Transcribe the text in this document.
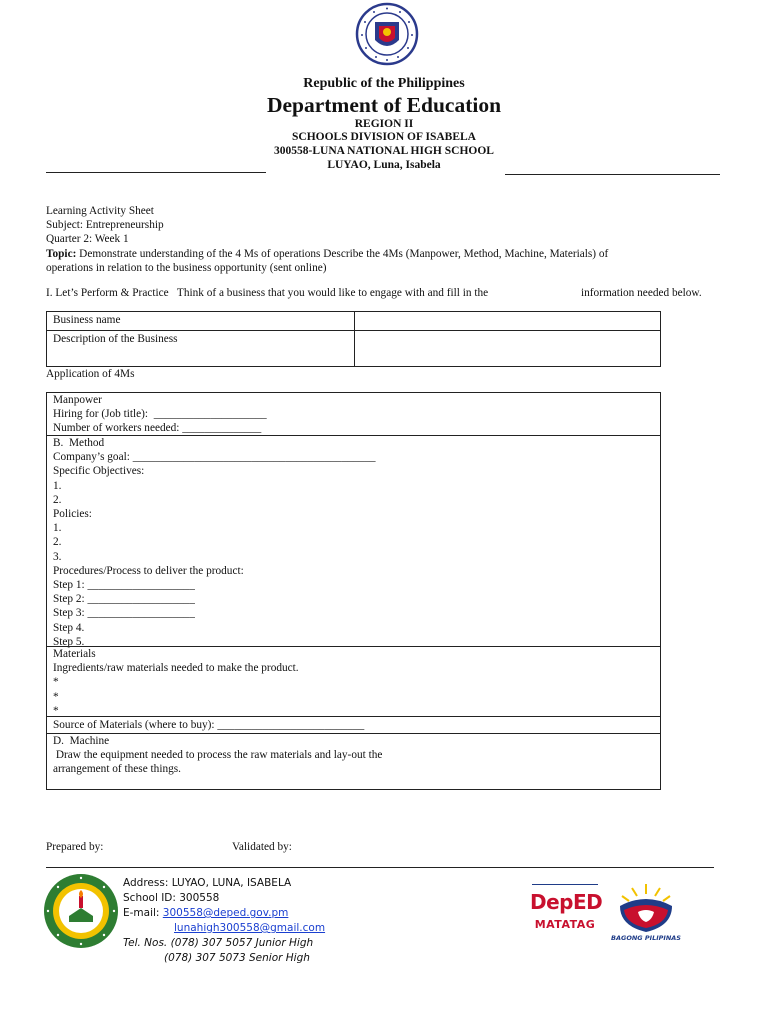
Republic of the Philippines
Department of Education
REGION II
SCHOOLS DIVISION OF ISABELA
300558-LUNA NATIONAL HIGH SCHOOL
LUYAO, Luna, Isabela
Learning Activity Sheet
Subject: Entrepreneurship
Quarter 2: Week 1
Topic: Demonstrate understanding of the 4 Ms of operations Describe the 4Ms (Manpower, Method, Machine, Materials) of
operations in relation to the business opportunity (sent online)
I. Let’s Perform & Practice   Think of a business that you would like to engage with and fill in the	information needed below.
Business name
Description of the Business
Application of 4Ms
Manpower
Hiring for (Job title):  ____________________
Number of workers needed: ______________
B.  Method
Company’s goal: ___________________________________________
Specific Objectives:
1.
2.
Policies:
1.
2.
3.
Procedures/Process to deliver the product:
Step 1: ___________________
Step 2: ___________________
Step 3: ___________________
Step 4.
Step 5.
Materials
Ingredients/raw materials needed to make the product.
*
*
*
Source of Materials (where to buy): __________________________
D.  Machine
Draw the equipment needed to process the raw materials and lay-out the
arrangement of these things.
Prepared by:	Validated by:
Address: LUYAO, LUNA, ISABELA
School ID: 300558
E-mail: 300558@deped.gov.pm
lunahigh300558@gmail.com
Tel. Nos. (078) 307 5057 Junior High
(078) 307 5073 Senior High
DepED
MATATAG
BAGONG PILIPINAS
